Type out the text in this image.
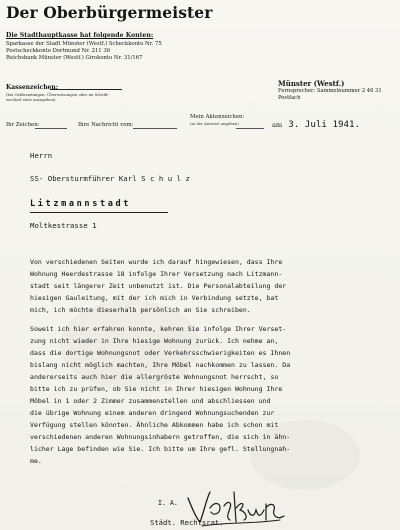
Der Oberbürgermeister
Die Stadthauptkasse hat folgende Konten:
Sparkasse der Stadt Münster (Westf.) Scheckkonto Nr. 75
Postscheckkonto Dortmund Nr. 211 36
Reichsbank Münster (Westf.) Girokonto Nr. 31/167
Kassenzeichen:
(bei Geldsendungen, Überweisungen oder im Schrift-
wechsel stets anzugeben)
Münster (Westf.)
Fernsprecher: Sammelnummer 2 46 31
Postfach
Ihr Zeichen:	Ihre Nachricht vom:
Mein Aktenzeichen:
(in der Antwort angeben)	am 3. Juli 1941.
Herrn
SS- Obersturmführer Karl S c h u l z
Litzmannstadt
Moltkestrasse 1
Von verschiedenen Seiten wurde ich darauf hingewiesen, dass Ihre
Wohnung Heerdestrasse 18 infolge Ihrer Versetzung nach Litzmann-
stadt seit längerer Zeit unbenutzt ist. Die Personalabteilung der
hiesigen Gauleitung, mit der ich mich in Verbindung setzte, bat
mich, ich möchte dieserhalb persönlich an Sie schreiben.
Soweit ich hier erfahren konnte, kehren Sie infolge Ihrer Verset-
zung nicht wieder in Ihre hiesige Wohnung zurück. Ich nehme an,
dass die dortige Wohnungsnot oder Verkehrsschwierigkeiten es Ihnen
bislang nicht möglich machten, Ihre Möbel nachkommen zu lassen. Da
andererseits auch hier die allergröste Wohnungsnot herrscht, so
bitte ich zu prüfen, ob Sie nicht in Ihrer hiesigen Wohnung Ihre
Möbel in 1 oder 2 Zimmer zusammenstellen und abschliessen und
die übrige Wohnung einem anderen dringend Wohnungsuchenden zur
Verfügung stellen könnten. Ähnliche Abkommen habe ich schon mit
verschiedenen anderen Wohnungsinhabern getroffen, die sich in ähn-
licher Lage befinden wie Sie. Ich bitte um Ihre gefl. Stellungnah-
me.
I. A.
Städt. Rechtsrat.
